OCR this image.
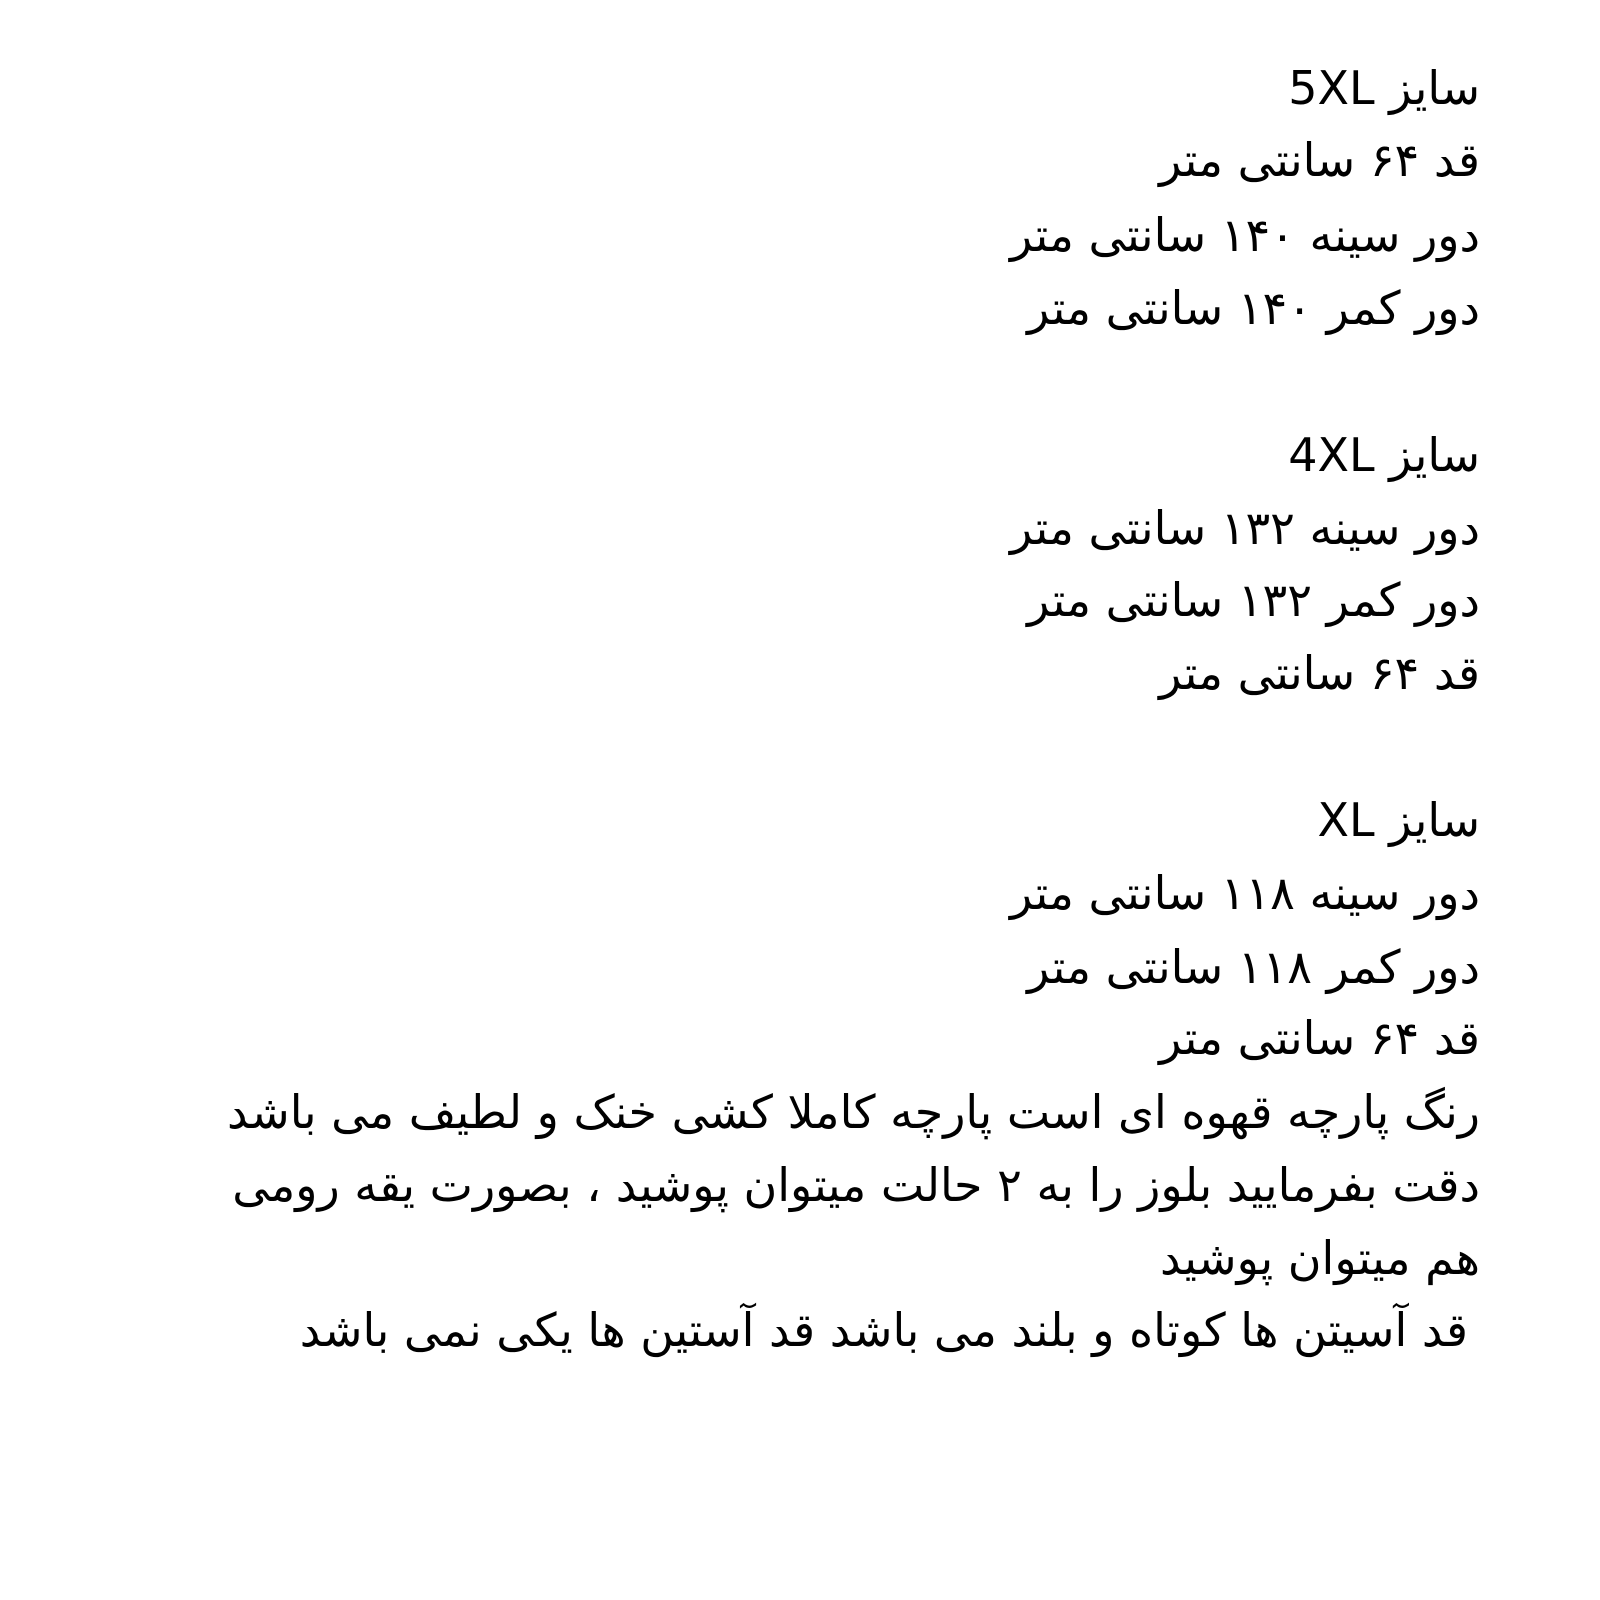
سایز 5XL
قد ۶۴ سانتی متر
دور سینه ۱۴۰ سانتی متر
دور کمر ۱۴۰ سانتی متر
سایز 4XL
دور سینه ۱۳۲ سانتی متر
دور کمر ۱۳۲ سانتی متر
قد ۶۴ سانتی متر
سایز XL
دور سینه ۱۱۸ سانتی متر
دور کمر ۱۱۸ سانتی متر
قد ۶۴ سانتی متر
رنگ پارچه قهوه ای است پارچه کاملا کشی خنک و لطیف می باشد
دقت بفرمایید بلوز را به ۲ حالت میتوان پوشید ، بصورت یقه رومی
هم میتوان پوشید
قد آسیتن ها کوتاه و بلند می باشد قد آستین ها یکی نمی باشد
